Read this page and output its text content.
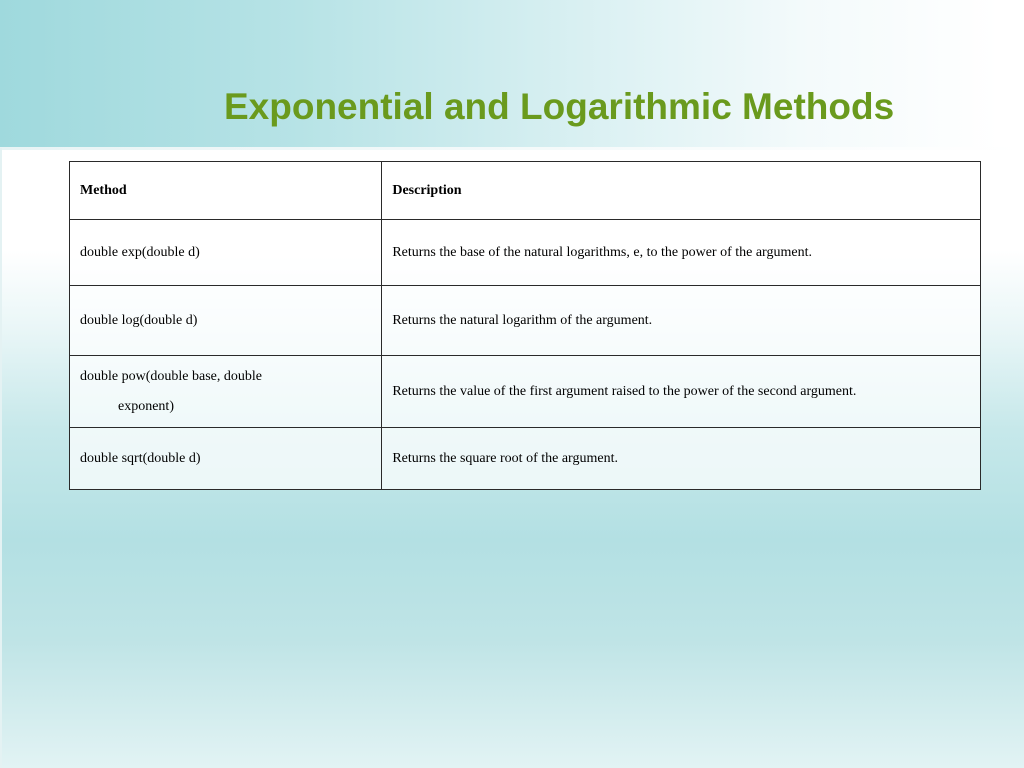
Exponential and Logarithmic Methods
Method	Description
double exp(double d)	Returns the base of the natural logarithms, e, to the power of the argument.
double log(double d)	Returns the natural logarithm of the argument.
double pow(double base, double
exponent)	Returns the value of the first argument raised to the power of the second argument.
double sqrt(double d)	Returns the square root of the argument.
